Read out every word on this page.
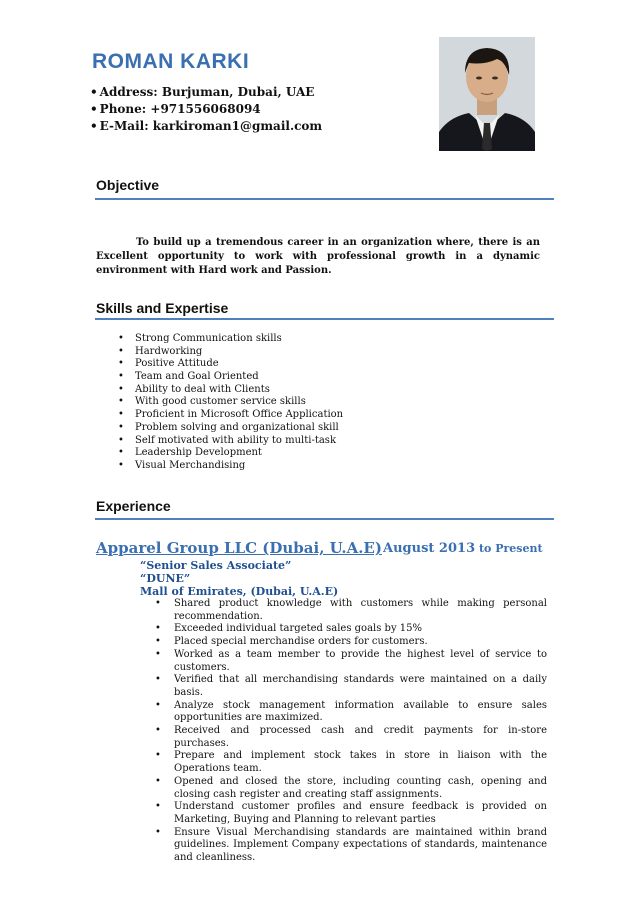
ROMAN KARKI
• Address: Burjuman, Dubai, UAE
• Phone: +971556068094
• E-Mail: karkiroman1@gmail.com
Objective

To build up a tremendous career in an organization where, there is an Excellent opportunity to work with professional growth in a dynamic environment with Hard work and Passion.

Skills and Expertise
• Strong Communication skills
• Hardworking
• Positive Attitude
• Team and Goal Oriented
• Ability to deal with Clients
• With good customer service skills
• Proficient in Microsoft Office Application
• Problem solving and organizational skill
• Self motivated with ability to multi-task
• Leadership Development
• Visual Merchandising
Experience

Apparel Group LLC (Dubai, U.A.E) August 2013 to Present

“Senior Sales Associate”

“DUNE”

Mall of Emirates, (Dubai, U.A.E)

• Shared product knowledge with customers while making personal recommendation.
• Exceeded individual targeted sales goals by 15%
• Placed special merchandise orders for customers.
• Worked as a team member to provide the highest level of service to customers.
• Verified that all merchandising standards were maintained on a daily basis.
• Analyze stock management information available to ensure sales opportunities are maximized.
• Received and processed cash and credit payments for in-store purchases.
• Prepare and implement stock takes in store in liaison with the Operations team.
• Opened and closed the store, including counting cash, opening and closing cash register and creating staff assignments.
• Understand customer profiles and ensure feedback is provided on Marketing, Buying and Planning to relevant parties
• Ensure Visual Merchandising standards are maintained within brand guidelines. Implement Company expectations of standards, maintenance and cleanliness.
